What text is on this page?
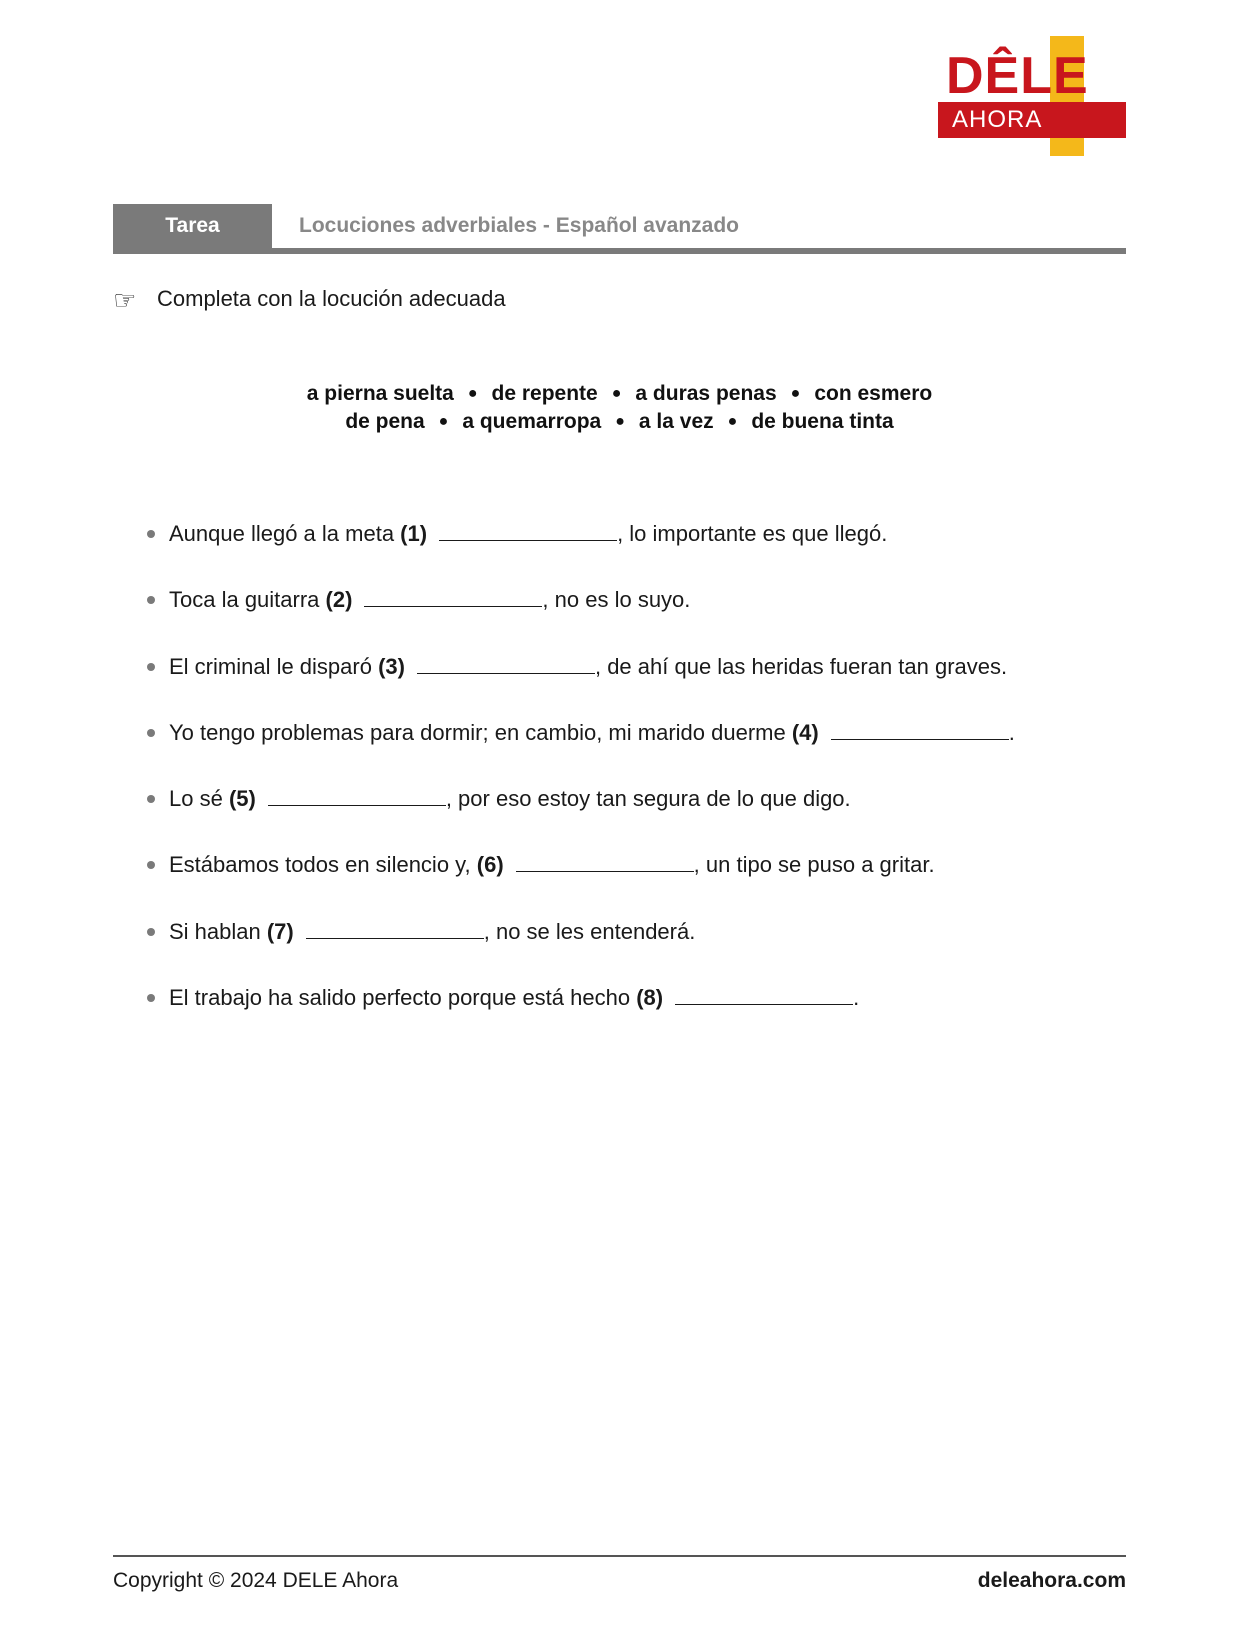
DÊLE
AHORA
Tarea	Locuciones adverbiales - Español avanzado
☞ Completa con la locución adecuada
a pierna suelta ● de repente ● a duras penas ● con esmero
de pena ● a quemarropa ● a la vez ● de buena tinta
Aunque llegó a la meta (1)	, lo importante es que llegó.
Toca la guitarra (2)	, no es lo suyo.
El criminal le disparó (3)	, de ahí que las heridas fueran tan graves.
Yo tengo problemas para dormir; en cambio, mi marido duerme (4)	.
Lo sé (5)	, por eso estoy tan segura de lo que digo.
Estábamos todos en silencio y, (6)	, un tipo se puso a gritar.
Si hablan (7)	, no se les entenderá.
El trabajo ha salido perfecto porque está hecho (8)	.
Copyright © 2024 DELE Ahora	deleahora.com
